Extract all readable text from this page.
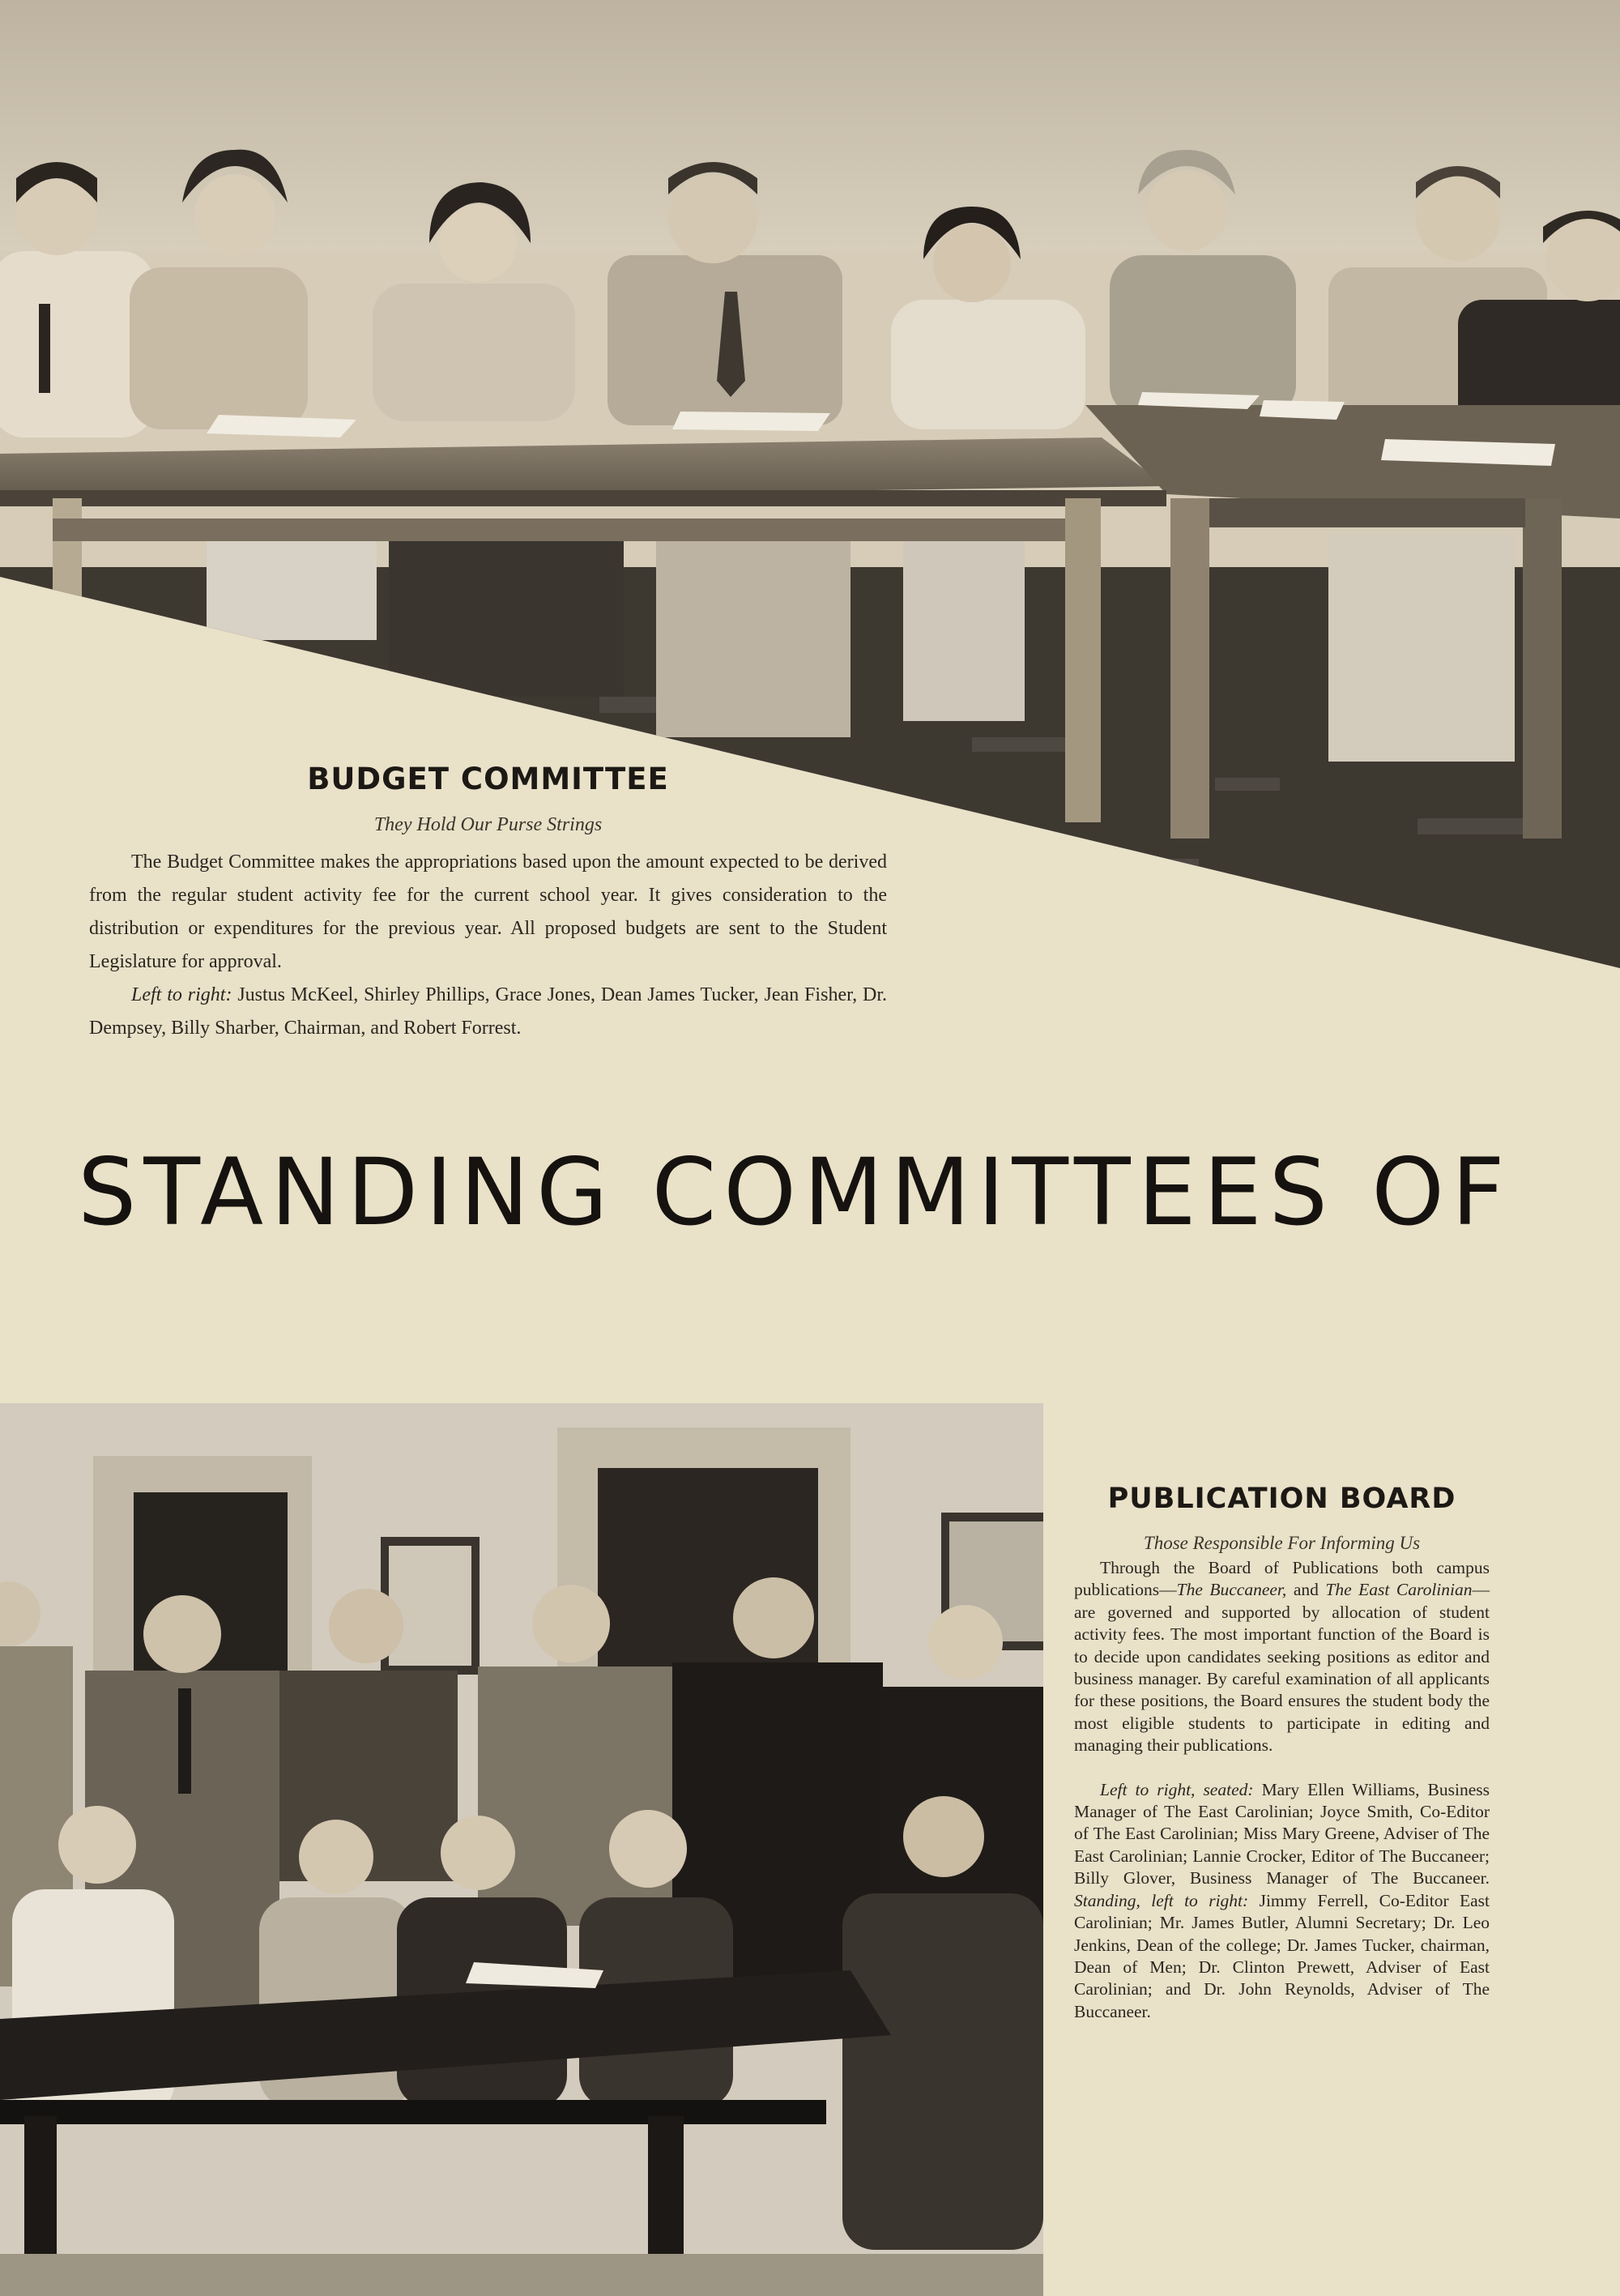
BUDGET COMMITTEE

They Hold Our Purse Strings

The Budget Committee makes the appropriations based upon the amount expected to be derived from the regular student activity fee for the current school year. It gives consideration to the distribution or expenditures for the previous year. All proposed budgets are sent to the Student Legislature for approval.

Left to right: Justus McKeel, Shirley Phillips, Grace Jones, Dean James Tucker, Jean Fisher, Dr. Dempsey, Billy Sharber, Chairman, and Robert Forrest.

STANDING COMMITTEES OF
PUBLICATION BOARD

Those Responsible For Informing Us

Through the Board of Publications both campus publications—The Buccaneer, and The East Carolinian—are governed and supported by allocation of student activity fees. The most important function of the Board is to decide upon candidates seeking positions as editor and business manager. By careful examination of all applicants for these positions, the Board ensures the student body the most eligible students to participate in editing and managing their publications.

Left to right, seated: Mary Ellen Williams, Business Manager of The East Carolinian; Joyce Smith, Co-Editor of The East Carolinian; Miss Mary Greene, Adviser of The East Carolinian; Lannie Crocker, Editor of The Buccaneer; Billy Glover, Business Manager of The Buccaneer. Standing, left to right: Jimmy Ferrell, Co-Editor East Carolinian; Mr. James Butler, Alumni Secretary; Dr. Leo Jenkins, Dean of the college; Dr. James Tucker, chairman, Dean of Men; Dr. Clinton Prewett, Adviser of East Carolinian; and Dr. John Reynolds, Adviser of The Buccaneer.
